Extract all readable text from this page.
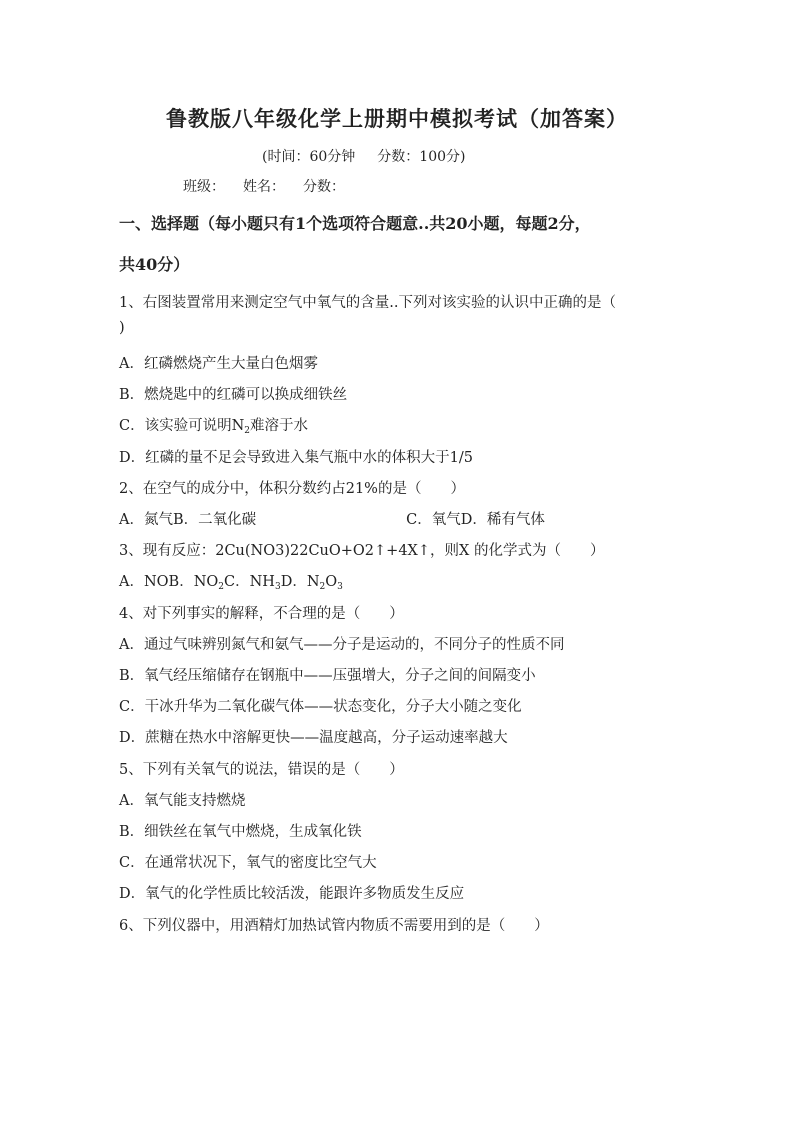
鲁教版八年级化学上册期中模拟考试（加答案）
(时间：60分钟 分数：100分)
班级： 姓名： 分数：
一、选择题（每小题只有1个选项符合题意..共20小题，每题2分，
共40分）
1、右图装置常用来测定空气中氧气的含量..下列对该实验的认识中正确的是（
)
A．红磷燃烧产生大量白色烟雾
B．燃烧匙中的红磷可以换成细铁丝
C．该实验可说明$N_2$难溶于水
D．红磷的量不足会导致进入集气瓶中水的体积大于1/5
2、在空气的成分中，体积分数约占21%的是（　　）
A．氮气B．二氧化碳	C．氧气D．稀有气体
3、现有反应：2Cu(NO3)22CuO+O2↑+4X↑，则X 的化学式为（　　）
A．NOB．$NO_2C$．$NH_3D$．$N_2O_3$
4、对下列事实的解释，不合理的是（　　）
A．通过气味辨别氮气和氨气——分子是运动的，不同分子的性质不同
B．氧气经压缩储存在钢瓶中——压强增大，分子之间的间隔变小
C．干冰升华为二氧化碳气体——状态变化，分子大小随之变化
D．蔗糖在热水中溶解更快——温度越高，分子运动速率越大
5、下列有关氧气的说法，错误的是（　　）
A．氧气能支持燃烧
B．细铁丝在氧气中燃烧，生成氧化铁
C．在通常状况下，氧气的密度比空气大
D．氧气的化学性质比较活泼，能跟许多物质发生反应
6、下列仪器中，用酒精灯加热试管内物质不需要用到的是（　　）
